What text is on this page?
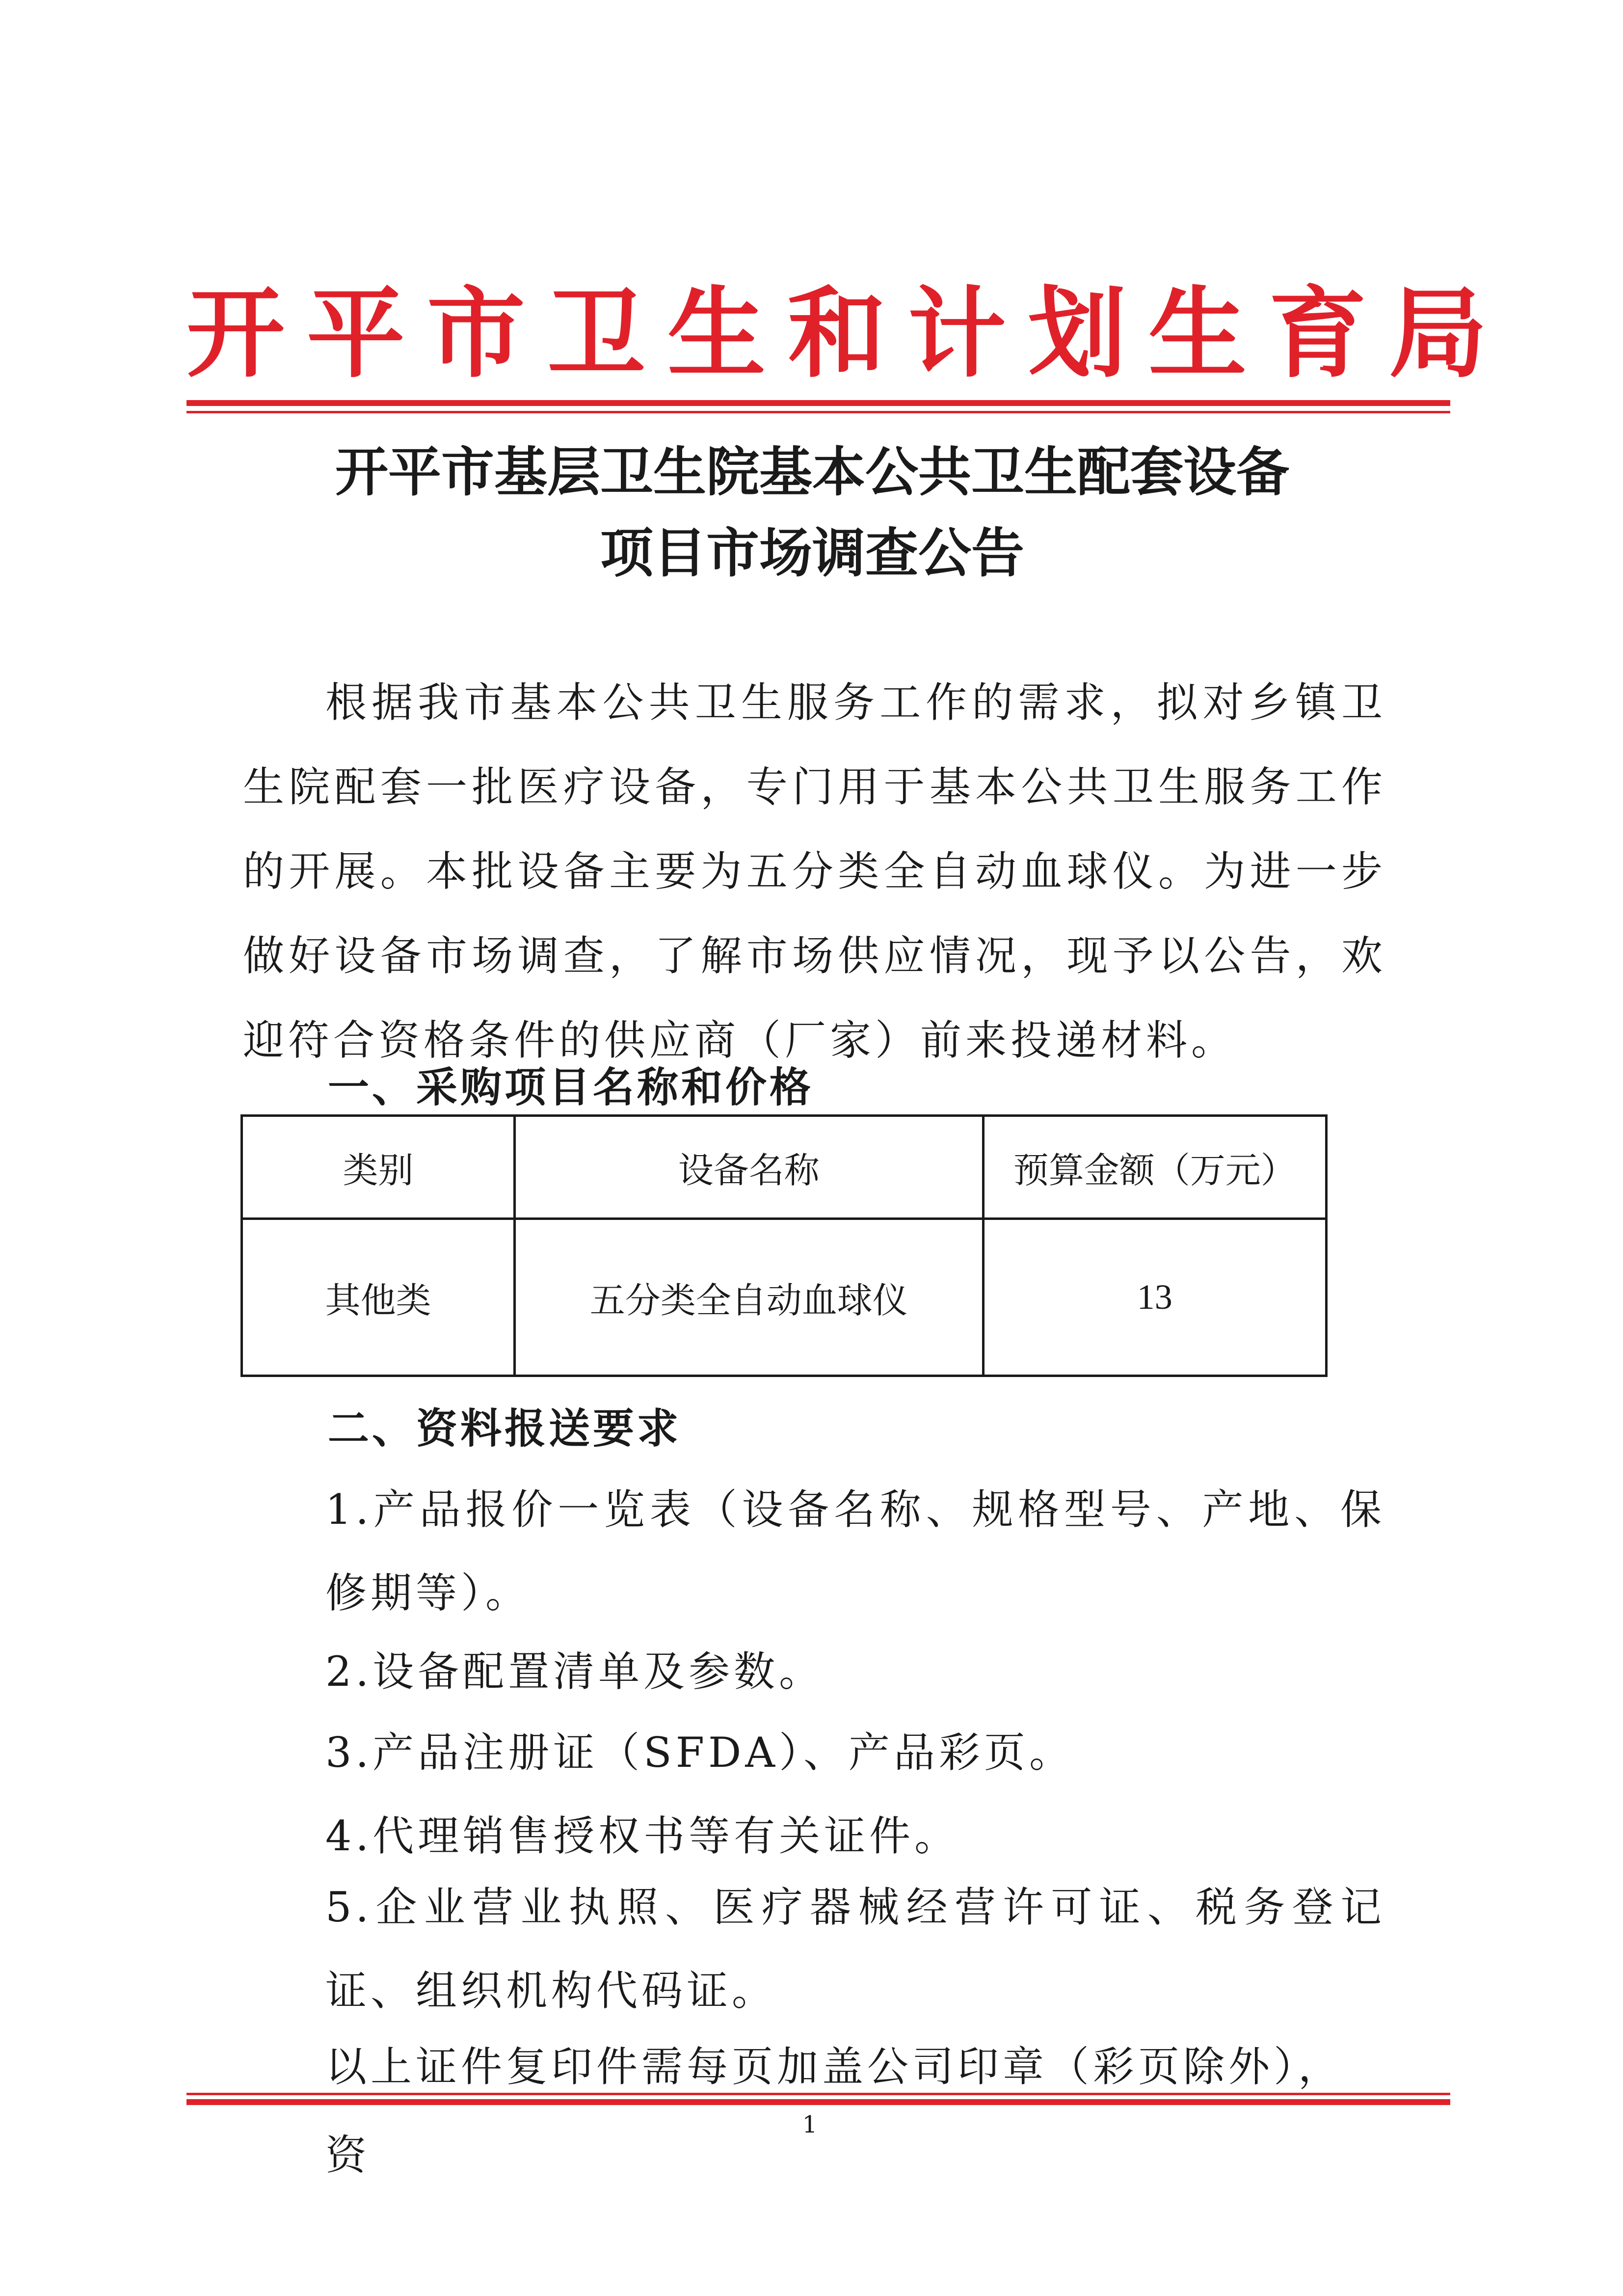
开平市卫生和计划生育局
开平市基层卫生院基本公共卫生配套设备
项目市场调查公告
根据我市基本公共卫生服务工作的需求，拟对乡镇卫生院配套一批医疗设备，专门用于基本公共卫生服务工作的开展。本批设备主要为五分类全自动血球仪。为进一步做好设备市场调查，了解市场供应情况，现予以公告，欢迎符合资格条件的供应商（厂家）前来投递材料。
一、采购项目名称和价格
类别	设备名称	预算金额（万元）
其他类	五分类全自动血球仪	13
二、资料报送要求
1.产品报价一览表（设备名称、规格型号、产地、保修期等）。
2.设备配置清单及参数。
3.产品注册证（SFDA）、产品彩页。
4.代理销售授权书等有关证件。
5.企业营业执照、医疗器械经营许可证、税务登记证、组织机构代码证。
以上证件复印件需每页加盖公司印章（彩页除外），资
1
